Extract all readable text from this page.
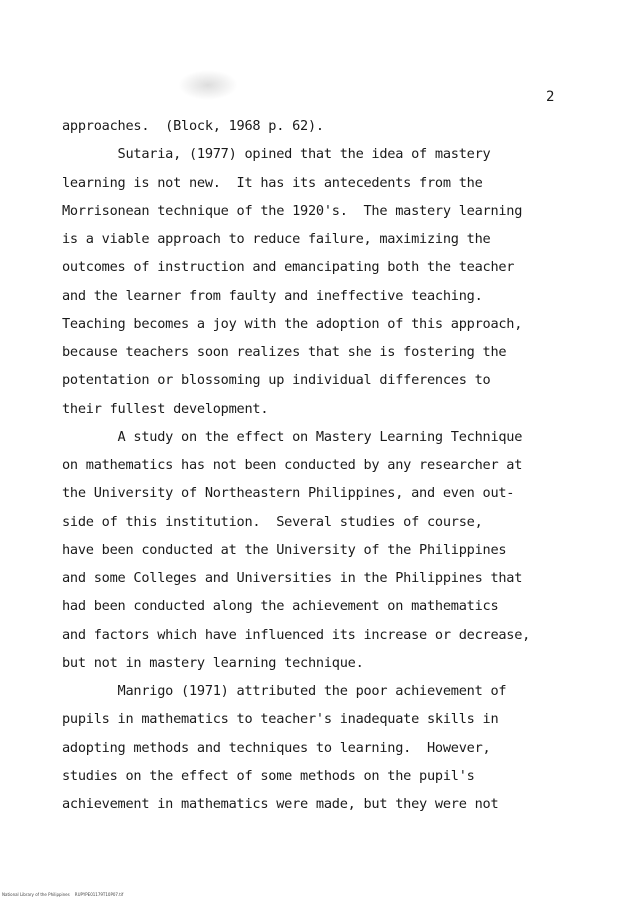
2
approaches.  (Block, 1968 p. 62).
Sutaria, (1977) opined that the idea of mastery
learning is not new.  It has its antecedents from the
Morrisonean technique of the 1920's.  The mastery learning
is a viable approach to reduce failure, maximizing the
outcomes of instruction and emancipating both the teacher
and the learner from faulty and ineffective teaching.
Teaching becomes a joy with the adoption of this approach,
because teachers soon realizes that she is fostering the
potentation or blossoming up individual differences to
their fullest development.
A study on the effect on Mastery Learning Technique
on mathematics has not been conducted by any researcher at
the University of Northeastern Philippines, and even out-
side of this institution.  Several studies of course,
have been conducted at the University of the Philippines
and some Colleges and Universities in the Philippines that
had been conducted along the achievement on mathematics
and factors which have influenced its increase or decrease,
but not in mastery learning technique.
Manrigo (1971) attributed the poor achievement of
pupils in mathematics to teacher's inadequate skills in
adopting methods and techniques to learning.  However,
studies on the effect of some methods on the pupil's
achievement in mathematics were made, but they were not
National Library of the Philippines    RUPYPE01179T10P07.tif
